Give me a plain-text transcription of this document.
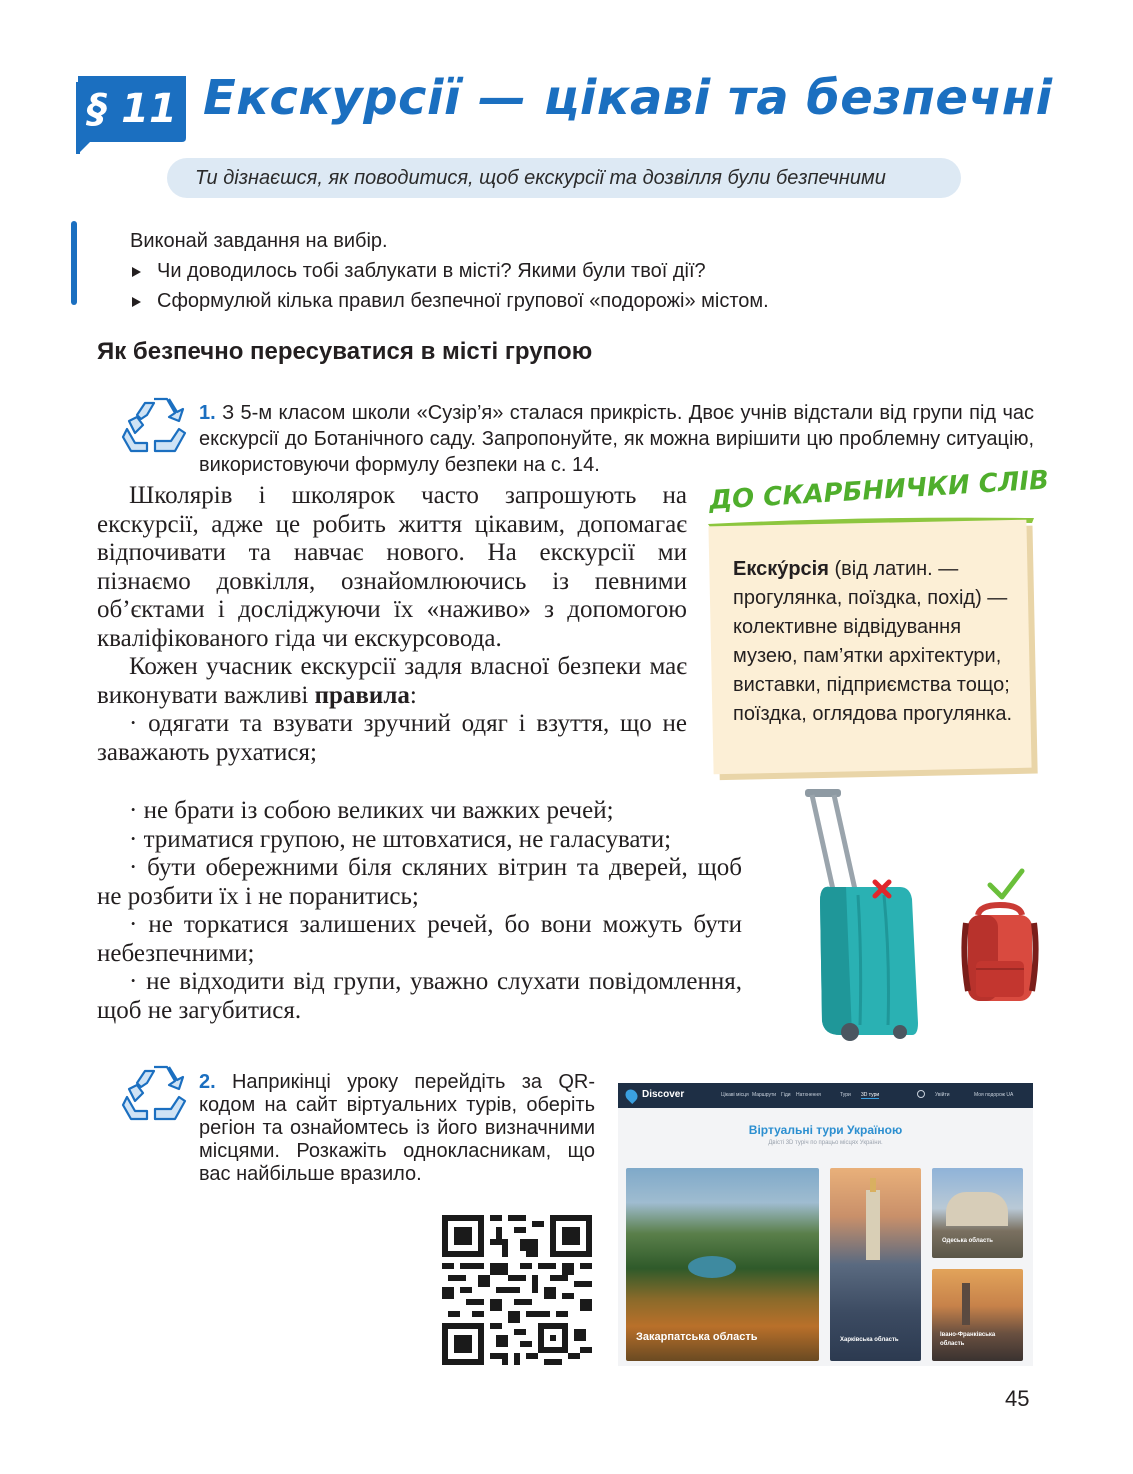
§ 11 Екскурсії — цікаві та безпечні
Ти дізнаєшся, як поводитися, щоб екскурсії та дозвілля були безпечними
Виконай завдання на вибір.
Чи доводилось тобі заблукати в місті? Якими були твої дії?
Сформулюй кілька правил безпечної групової «подорожі» містом.
Як безпечно пересуватися в місті групою
1. З 5-м класом школи «Сузір’я» сталася прикрість. Двоє учнів відстали від групи під час екскурсії до Ботанічного саду. Запропонуйте, як можна вирішити цю проблемну ситуацію, використовуючи формулу безпеки на с. 14.

Школярів і школярок часто запрошують на екскурсії, адже це робить життя цікавим, допомагає відпочивати та навчає нового. На екскурсії ми пізнаємо довкілля, ознайомлюючись із певними об’єктами і досліджуючи їх «наживо» з допомогою кваліфікованого гіда чи екскурсовода.

Кожен учасник екскурсії задля власної безпеки має виконувати важливі правила:

· одягати та взувати зручний одяг і взуття, що не заважають рухатися;

· не брати із собою великих чи важких речей;

· триматися групою, не штовхатися, не галасувати;

· бути обережними біля скляних вітрин та дверей, щоб не розбити їх і не поранитись;

· не торкатися залишених речей, бо вони можуть бути небезпечними;

· не відходити від групи, уважно слухати повідомлення, щоб не загубитися.

ДО СКАРБНИЧКИ СЛІВ
Екску́рсія (від латин. — прогулянка, поїздка, похід) — колективне відвідування музею, пам’ятки архітектури, виставки, підприємства тощо; поїздка, оглядова прогулянка.
2. Наприкінці уроку перейдіть за QR-кодом на сайт віртуальних турів, оберіть регіон та ознайомтесь із його визначними місцями. Розкажіть однокласникам, що вас найбільше вразило.
Discover	Цікаві місця Маршрути Гіди Натхнення	Тури 3D тури	Увійти	Моя подорож UA
Віртуальні тури Україною
Двісті 3D туріч по працьо місцях України.
Закарпатська область	Харківська область
Одеська область
Івано-Франківська область
45
